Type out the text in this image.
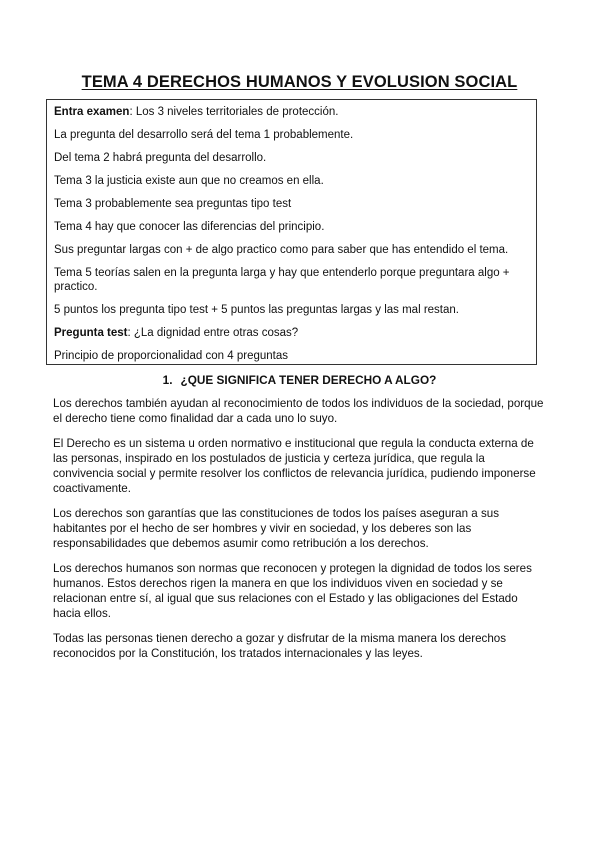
TEMA 4 DERECHOS HUMANOS Y EVOLUSION SOCIAL

Entra examen: Los 3 niveles territoriales de protección.

La pregunta del desarrollo será del tema 1 probablemente.

Del tema 2 habrá pregunta del desarrollo.

Tema 3 la justicia existe aun que no creamos en ella.

Tema 3 probablemente sea preguntas tipo test

Tema 4 hay que conocer las diferencias del principio.

Sus preguntar largas con + de algo practico como para saber que has entendido el tema.

Tema 5 teorías salen en la pregunta larga y hay que entenderlo porque preguntara algo + practico.

5 puntos los pregunta tipo test + 5 puntos las preguntas largas y las mal restan.

Pregunta test: ¿La dignidad entre otras cosas?

Principio de proporcionalidad con 4 preguntas

1. ¿QUE SIGNIFICA TENER DERECHO A ALGO?

Los derechos también ayudan al reconocimiento de todos los individuos de la sociedad, porque el derecho tiene como finalidad dar a cada uno lo suyo.

El Derecho es un sistema u orden normativo e institucional que regula la conducta externa de las personas, inspirado en los postulados de justicia y certeza jurídica, que regula la convivencia social y permite resolver los conflictos de relevancia jurídica, pudiendo imponerse coactivamente.

Los derechos son garantías que las constituciones de todos los países aseguran a sus habitantes por el hecho de ser hombres y vivir en sociedad, y los deberes son las responsabilidades que debemos asumir como retribución a los derechos.

Los derechos humanos son normas que reconocen y protegen la dignidad de todos los seres humanos. Estos derechos rigen la manera en que los individuos viven en sociedad y se relacionan entre sí, al igual que sus relaciones con el Estado y las obligaciones del Estado hacia ellos.

Todas las personas tienen derecho a gozar y disfrutar de la misma manera los derechos reconocidos por la Constitución, los tratados internacionales y las leyes.
